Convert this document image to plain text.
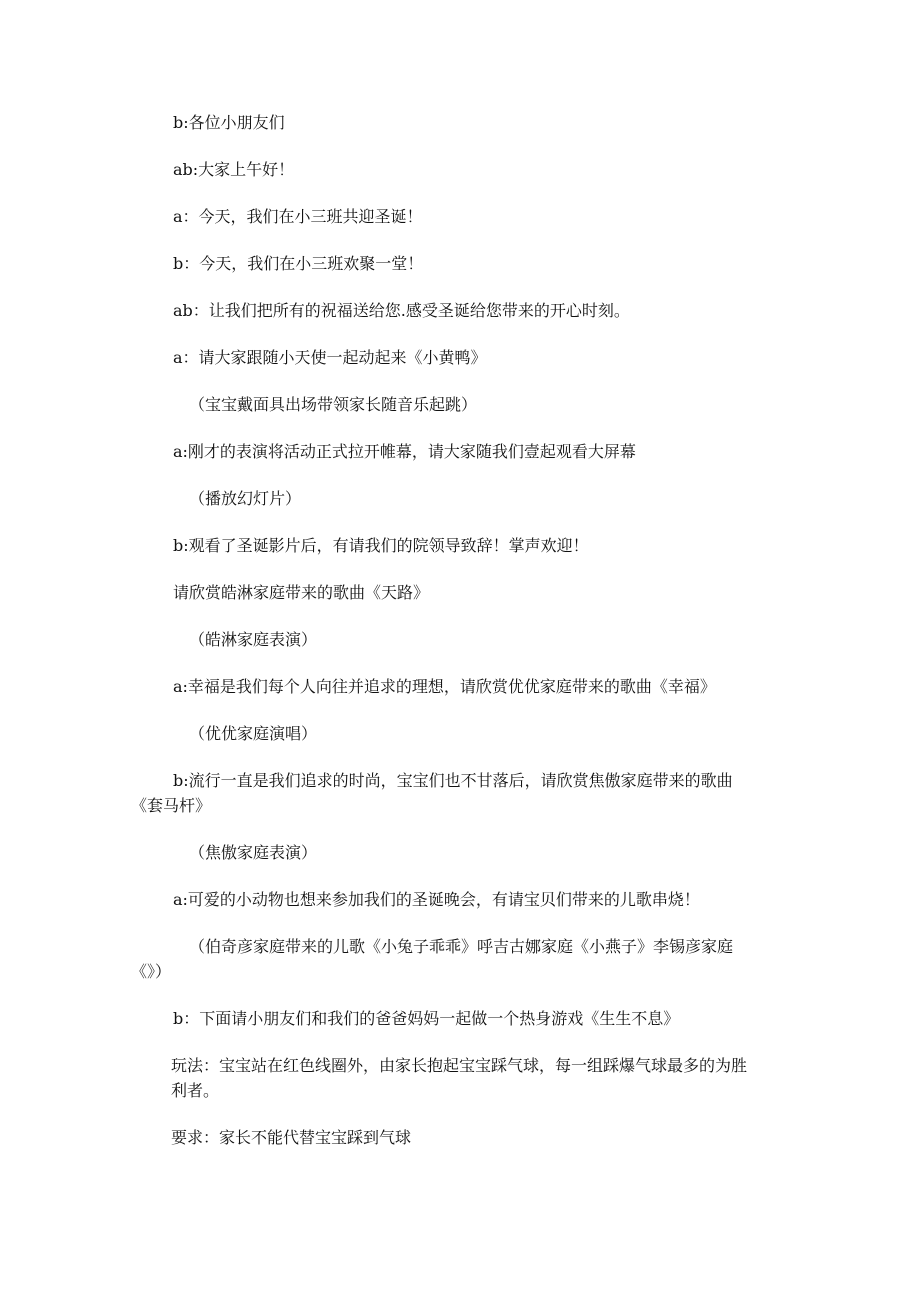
b:各位小朋友们

ab:大家上午好！

a：今天，我们在小三班共迎圣诞！

b：今天，我们在小三班欢聚一堂！

ab：让我们把所有的祝福送给您.感受圣诞给您带来的开心时刻。

a：请大家跟随小天使一起动起来《小黄鸭》

（宝宝戴面具出场带领家长随音乐起跳）

a:刚才的表演将活动正式拉开帷幕，请大家随我们壹起观看大屏幕

（播放幻灯片）

b:观看了圣诞影片后，有请我们的院领导致辞！掌声欢迎！

请欣赏皓淋家庭带来的歌曲《天路》

（皓淋家庭表演）

a:幸福是我们每个人向往并追求的理想，请欣赏优优家庭带来的歌曲《幸福》

（优优家庭演唱）

b:流行一直是我们追求的时尚，宝宝们也不甘落后，请欣赏焦傲家庭带来的歌曲

《套马杆》

（焦傲家庭表演）

a:可爱的小动物也想来参加我们的圣诞晚会，有请宝贝们带来的儿歌串烧！

（伯奇彦家庭带来的儿歌《小兔子乖乖》呼吉古娜家庭《小燕子》李锡彦家庭

《》）

b：下面请小朋友们和我们的爸爸妈妈一起做一个热身游戏《生生不息》

玩法：宝宝站在红色线圈外，由家长抱起宝宝踩气球，每一组踩爆气球最多的为胜

利者。

要求：家长不能代替宝宝踩到气球
